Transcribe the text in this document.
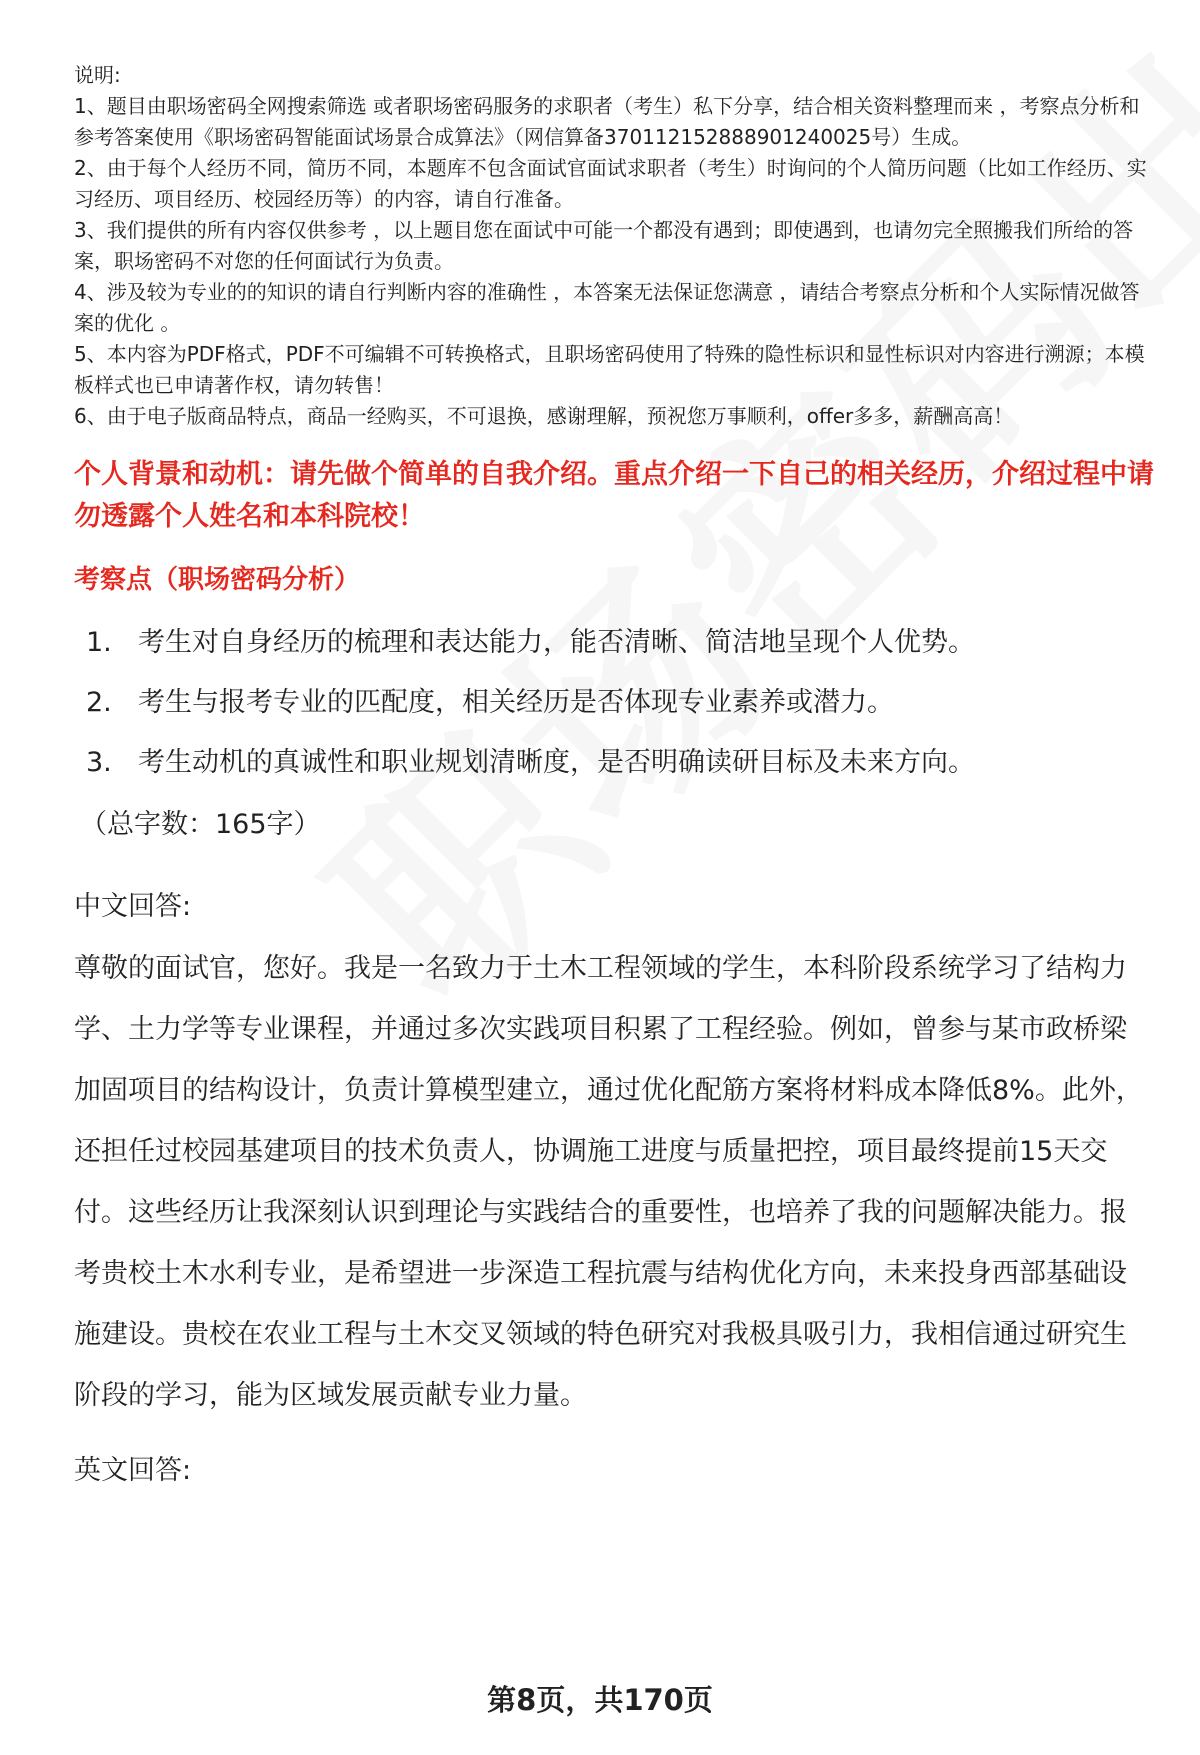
说明:

1、题目由职场密码全网搜索筛选 或者职场密码服务的求职者（考生）私下分享，结合相关资料整理而来 ，考察点分析和参考答案使用《职场密码智能面试场景合成算法》（网信算备370112152888901240025号）生成。

2、由于每个人经历不同，简历不同，本题库不包含面试官面试求职者（考生）时询问的个人简历问题（比如工作经历、实习经历、项目经历、校园经历等）的内容，请自行准备。

3、我们提供的所有内容仅供参考 ，以上题目您在面试中可能一个都没有遇到；即使遇到，也请勿完全照搬我们所给的答案，职场密码不对您的任何面试行为负责。

4、涉及较为专业的的知识的请自行判断内容的准确性 ，本答案无法保证您满意 ，请结合考察点分析和个人实际情况做答案的优化 。

5、本内容为PDF格式，PDF不可编辑不可转换格式，且职场密码使用了特殊的隐性标识和显性标识对内容进行溯源；本模板样式也已申请著作权，请勿转售！

6、由于电子版商品特点，商品一经购买，不可退换，感谢理解，预祝您万事顺利，offer多多，薪酬高高！

个人背景和动机：请先做个简单的自我介绍。重点介绍一下自己的相关经历，介绍过程中请勿透露个人姓名和本科院校！
考察点（职场密码分析）
1. 考生对自身经历的梳理和表达能力，能否清晰、简洁地呈现个人优势。
2. 考生与报考专业的匹配度，相关经历是否体现专业素养或潜力。
3. 考生动机的真诚性和职业规划清晰度，是否明确读研目标及未来方向。
（总字数：165字）
中文回答:
尊敬的面试官，您好。我是一名致力于土木工程领域的学生，本科阶段系统学习了结构力学、土力学等专业课程，并通过多次实践项目积累了工程经验。例如，曾参与某市政桥梁加固项目的结构设计，负责计算模型建立，通过优化配筋方案将材料成本降低8%。此外，还担任过校园基建项目的技术负责人，协调施工进度与质量把控，项目最终提前15天交付。这些经历让我深刻认识到理论与实践结合的重要性，也培养了我的问题解决能力。报考贵校土木水利专业，是希望进一步深造工程抗震与结构优化方向，未来投身西部基础设施建设。贵校在农业工程与土木交叉领域的特色研究对我极具吸引力，我相信通过研究生阶段的学习，能为区域发展贡献专业力量。
英文回答:
第8页，共170页
